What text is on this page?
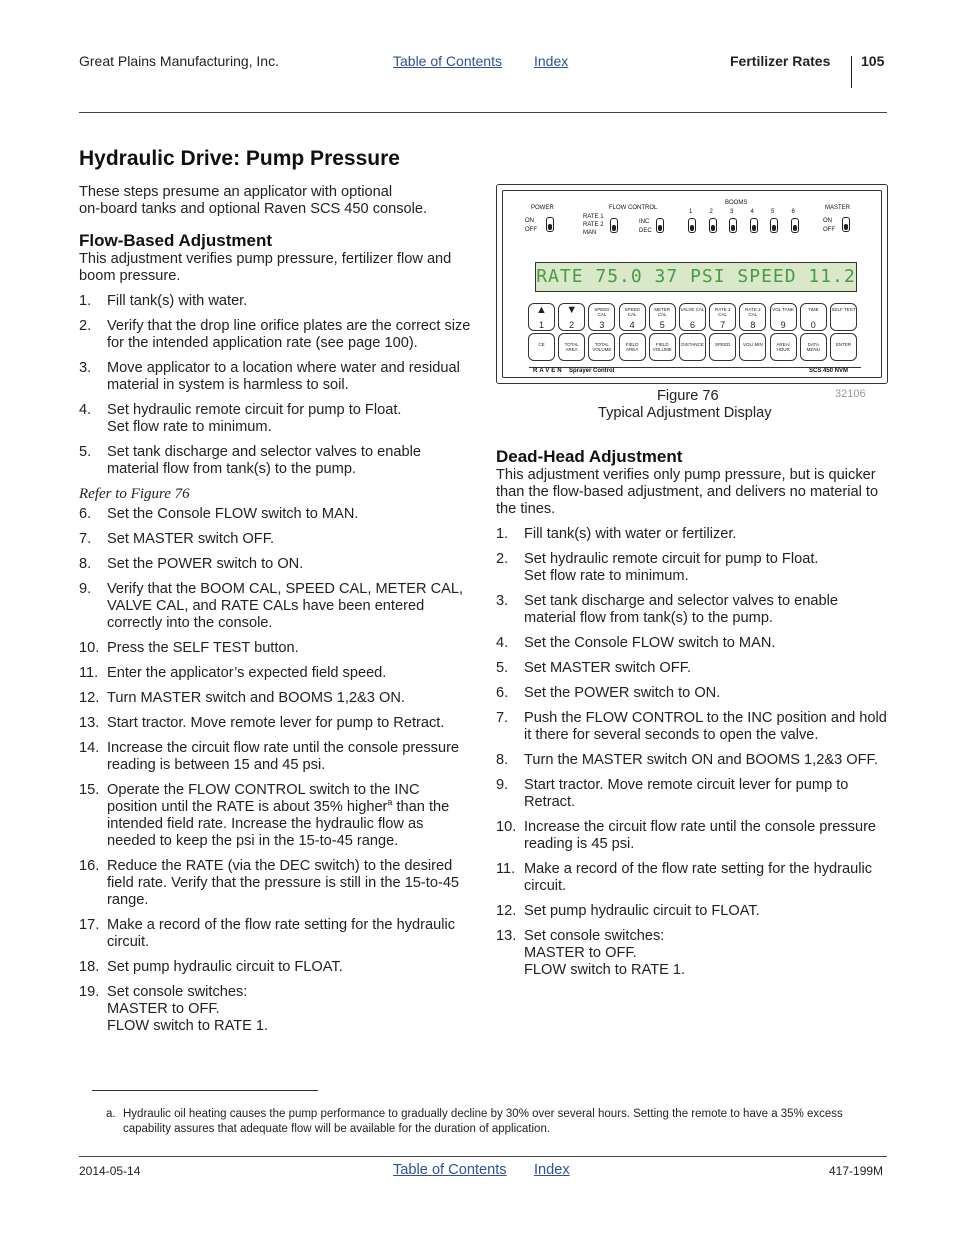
Great Plains Manufacturing, Inc.	Table of Contents Index	Fertilizer Rates 105
Hydraulic Drive: Pump Pressure

These steps presume an applicator with optional
on-board tanks and optional Raven SCS 450 console.

Flow-Based Adjustment

This adjustment verifies pump pressure, fertilizer flow and boom pressure.

1. Fill tank(s) with water.
2. Verify that the drop line orifice plates are the correct size for the intended application rate (see page 100).
3. Move applicator to a location where water and residual material in system is harmless to soil.
4. Set hydraulic remote circuit for pump to Float.
Set flow rate to minimum.
5. Set tank discharge and selector valves to enable material flow from tank(s) to the pump.
Refer to Figure 76
6. Set the Console FLOW switch to MAN.
7. Set MASTER switch OFF.
8. Set the POWER switch to ON.
9. Verify that the BOOM CAL, SPEED CAL, METER CAL, VALVE CAL, and RATE CALs have been entered correctly into the console.
10. Press the SELF TEST button.
11. Enter the applicator’s expected field speed.
12. Turn MASTER switch and BOOMS 1,2&3 ON.
13. Start tractor. Move remote lever for pump to Retract.
14. Increase the circuit flow rate until the console pressure reading is between 15 and 45 psi.
15. Operate the FLOW CONTROL switch to the INC position until the RATE is about 35% higher$^a$ than the intended field rate. Increase the hydraulic flow as needed to keep the psi in the 15-to-45 range.
16. Reduce the RATE (via the DEC switch) to the desired field rate. Verify that the pressure is still in the 15-to-45 range.
17. Make a record of the flow rate setting for the hydraulic circuit.
18. Set pump hydraulic circuit to FLOAT.
19. Set console switches:
MASTER to OFF.
FLOW switch to RATE 1.
POWER
ON
OFF
FLOW CONTROL
RATE 1
RATE 2
MAN
INC
DEC
BOOMS
1	2	3	4	5	6
MASTER
ON
OFF
RATE 75.0 37 PSI SPEED 11.2
▲
1
▼
2
SPEED CAL
3
SPEED CAL
4
METER CAL
5
VALVE CAL
6
RATE 1 CAL
7
RATE 2 CAL
8
VOL TANK
9
TIME
0
SELF TEST
CE	TOTAL AREA
TOTAL VOLUME
FIELD AREA
FIELD VOLUME
DISTANCE	SPEED	VOL/ MIN	AREA/ HOUR
DATA MENU
ENTER
RAVEN Sprayer Control	SCS 450 NVM
Figure 76
Typical Adjustment Display
32106
Dead-Head Adjustment

This adjustment verifies only pump pressure, but is quicker than the flow-based adjustment, and delivers no material to the tines.

1. Fill tank(s) with water or fertilizer.
2. Set hydraulic remote circuit for pump to Float.
Set flow rate to minimum.
3. Set tank discharge and selector valves to enable material flow from tank(s) to the pump.
4. Set the Console FLOW switch to MAN.
5. Set MASTER switch OFF.
6. Set the POWER switch to ON.
7. Push the FLOW CONTROL to the INC position and hold it there for several seconds to open the valve.
8. Turn the MASTER switch ON and BOOMS 1,2&3 OFF.
9. Start tractor. Move remote circuit lever for pump to Retract.
10. Increase the circuit flow rate until the console pressure reading is 45 psi.
11. Make a record of the flow rate setting for the hydraulic circuit.
12. Set pump hydraulic circuit to FLOAT.
13. Set console switches:
MASTER to OFF.
FLOW switch to RATE 1.
a. Hydraulic oil heating causes the pump performance to gradually decline by 30% over several hours. Setting the remote to have a 35% excess capability assures that adequate flow will be available for the duration of application.
2014-05-14	Table of Contents Index	417-199M
